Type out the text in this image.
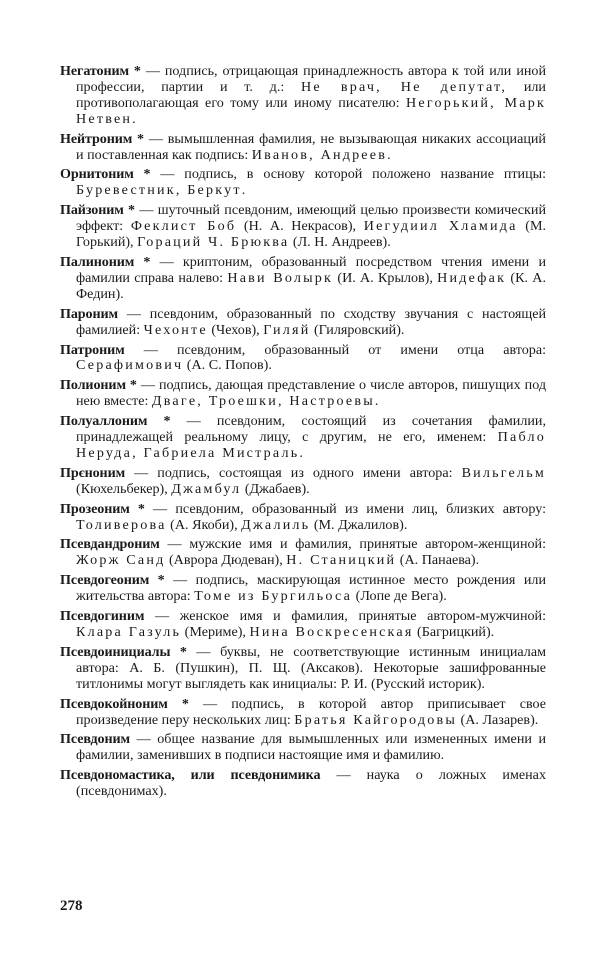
Негатоним * — подпись, отрицающая принадлежность автора к той или иной профессии, партии и т. д.: Не врач, Не депутат, или противополагающая его тому или иному писателю: Негорький, Марк Нетвен.

Нейтроним * — вымышленная фамилия, не вызывающая никаких ассоциаций и поставленная как подпись: Иванов, Андреев.

Орнитоним * — подпись, в основу которой положено название птицы: Буревестник, Беркут.

Пайзоним * — шуточный псевдоним, имеющий целью произвести комический эффект: Феклист Боб (Н. А. Некрасов), Иегудиил Хламида (М. Горький), Гораций Ч. Брюква (Л. Н. Андреев).

Палиноним * — криптоним, образованный посредством чтения имени и фамилии справа налево: Нави Волырк (И. А. Крылов), Нидефак (К. А. Федин).

Пароним — псевдоним, образованный по сходству звучания с настоящей фамилией: Чехонте (Чехов), Гиляй (Гиляровский).

Патроним — псевдоним, образованный от имени отца автора: Серафимович (А. С. Попов).

Полионим * — подпись, дающая представление о числе авторов, пишущих под нею вместе: Двагe, Троешки, Настроевы.

Полуаллоним * — псевдоним, состоящий из сочетания фамилии, принадлежащей реальному лицу, с другим, не его, именем: Пабло Неруда, Габриела Мистраль.

Прєноним — подпись, состоящая из одного имени автора: Вильгельм (Кюхельбекер), Джамбул (Джабаев).

Прозеоним * — псевдоним, образованный из имени лиц, близких автору: Толиверова (А. Якоби), Джалиль (М. Джалилов).

Псевдандроним — мужские имя и фамилия, принятые автором-женщиной: Жорж Санд (Аврора Дюдеван), Н. Станицкий (А. Панаева).

Псевдогеоним * — подпись, маскирующая истинное место рождения или жительства автора: Томе из Бургильоса (Лопе де Вега).

Псевдогиним — женское имя и фамилия, принятые автором-мужчиной: Клара Газуль (Мериме), Нина Воскресенская (Багрицкий).

Псевдоинициалы * — буквы, не соответствующие истинным инициалам автора: А. Б. (Пушкин), П. Щ. (Аксаков). Некоторые зашифрованные титлонимы могут выглядеть как инициалы: Р. И. (Русский историк).

Псевдокойноним * — подпись, в которой автор приписывает свое произведение перу нескольких лиц: Братья Кайгородовы (А. Лазарев).

Псевдоним — общее название для вымышленных или измененных имени и фамилии, заменивших в подписи настоящие имя и фамилию.

Псевдономастика, или псевдонимика — наука о ложных именах (псевдонимах).

278
